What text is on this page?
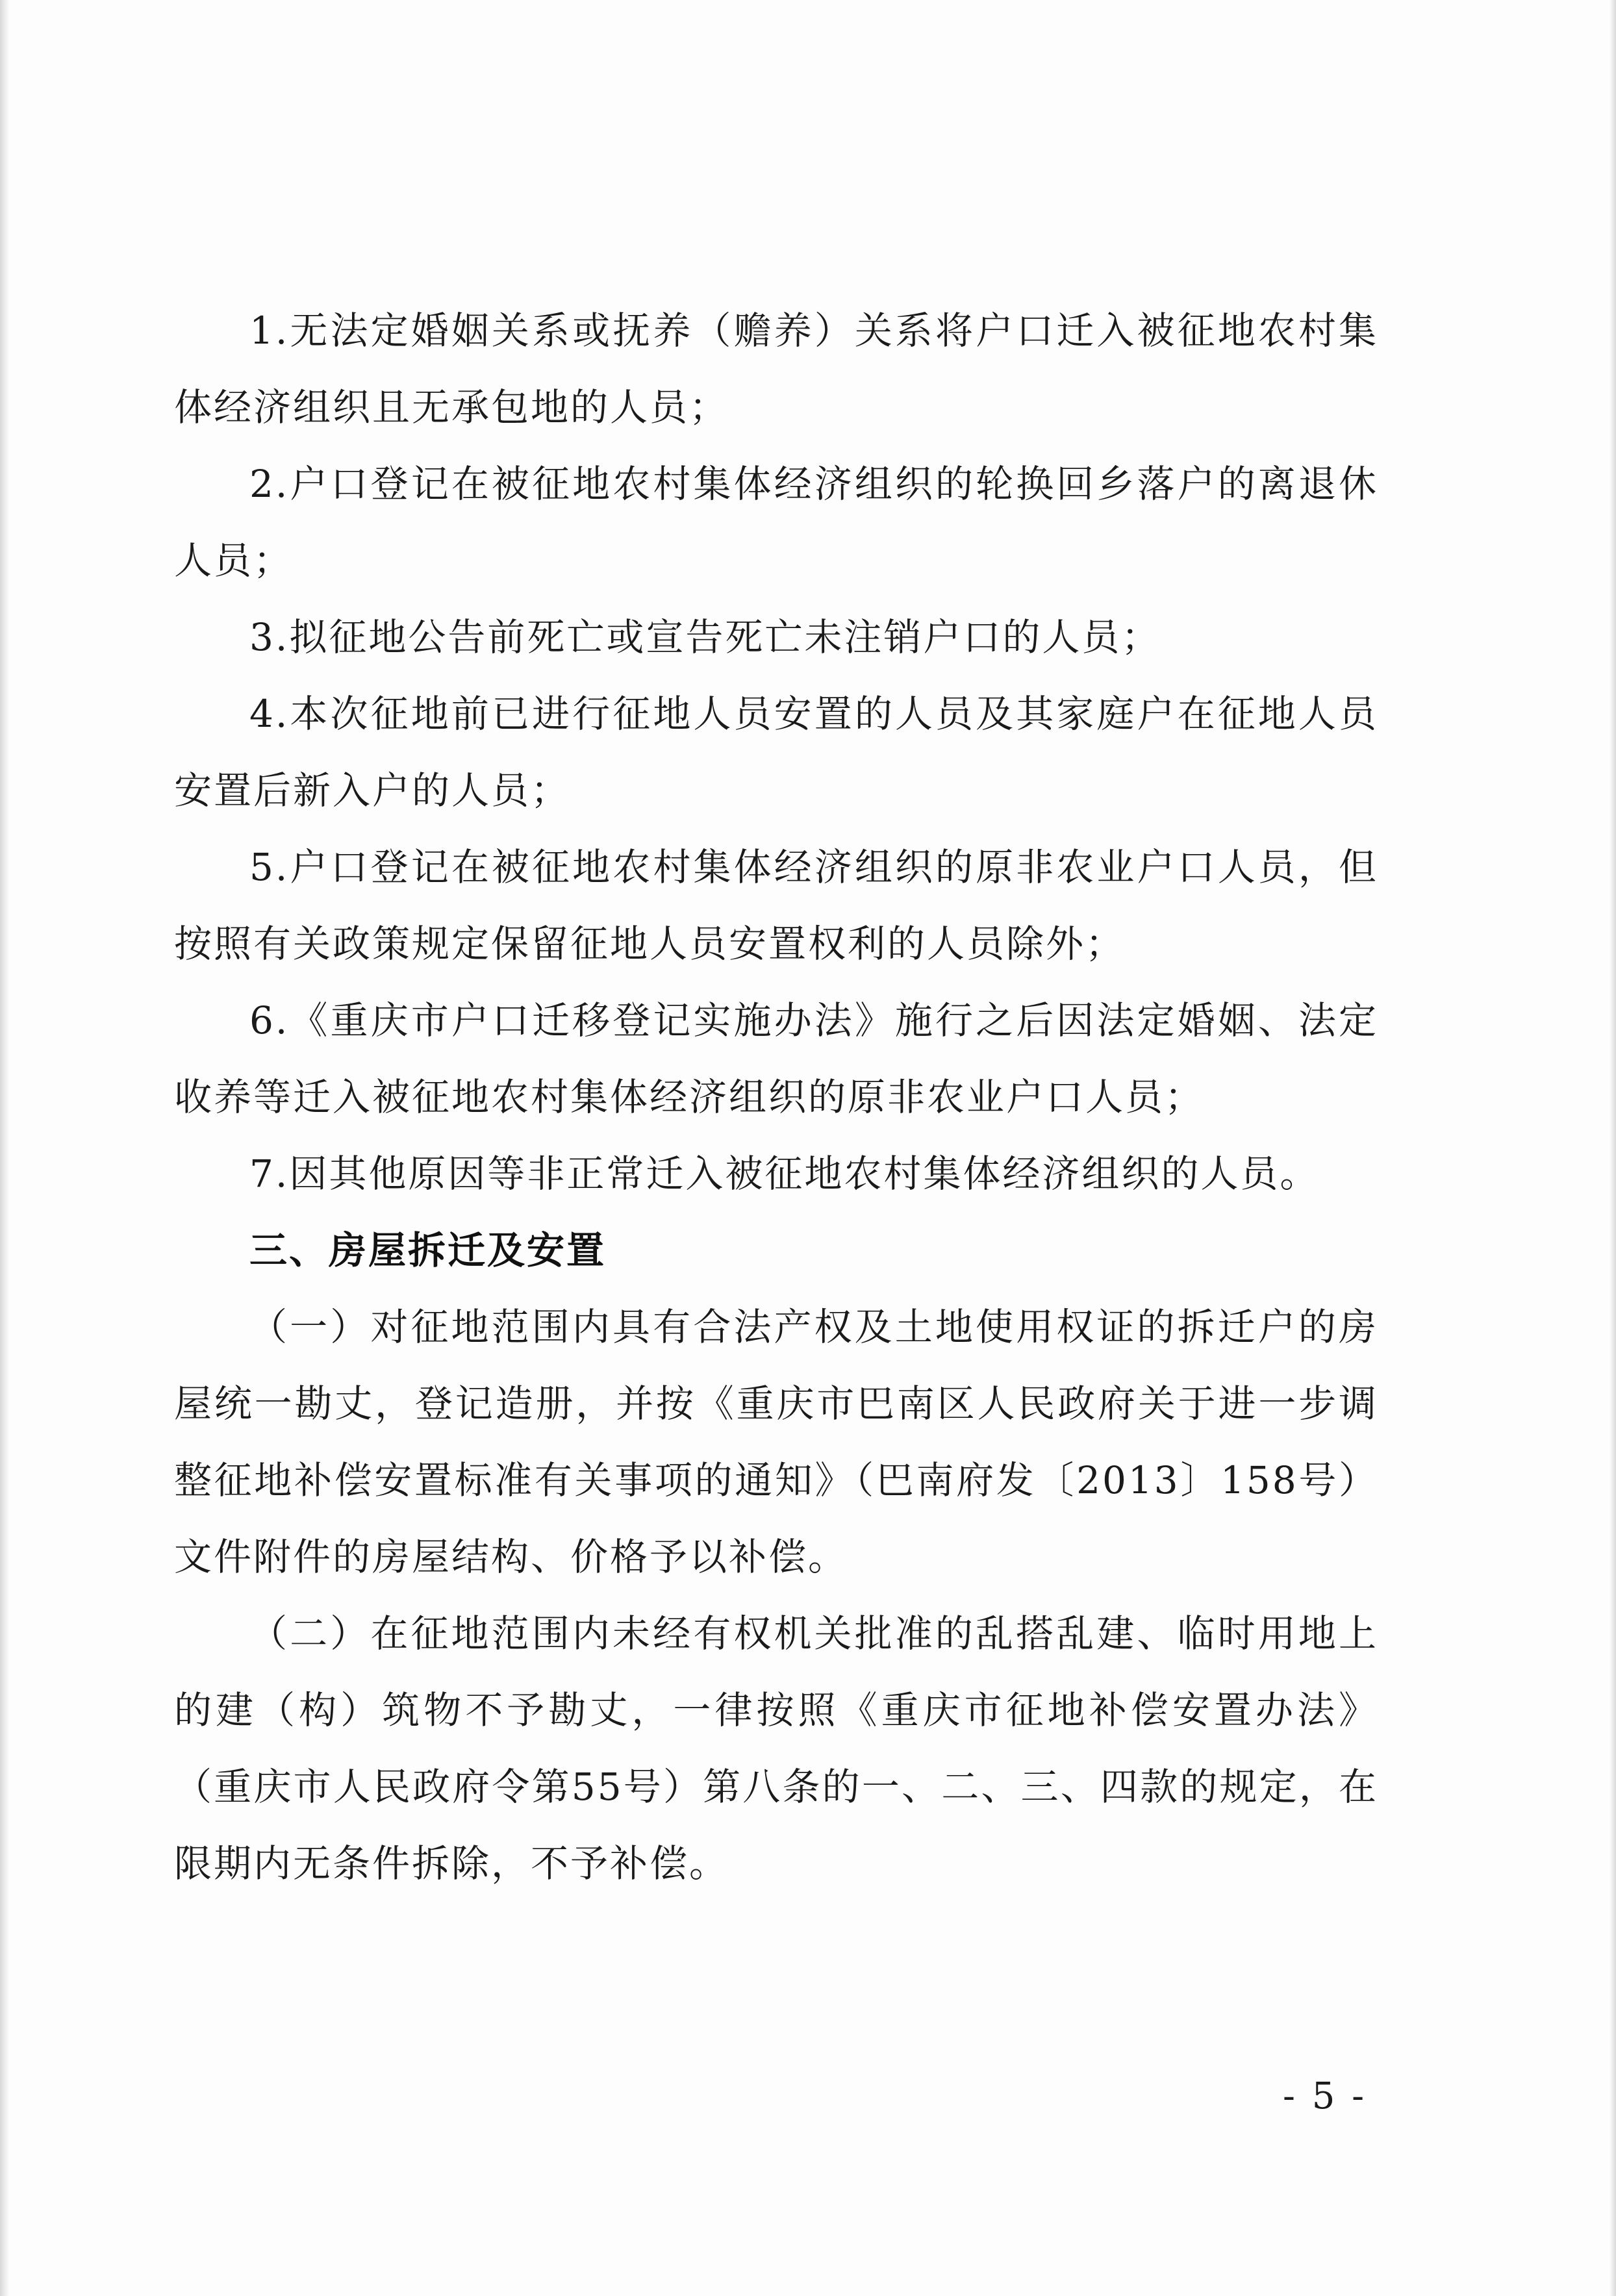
1.无法定婚姻关系或抚养（赡养）关系将户口迁入被征地农村集体经济组织且无承包地的人员；

2.户口登记在被征地农村集体经济组织的轮换回乡落户的离退休人员；

3.拟征地公告前死亡或宣告死亡未注销户口的人员；

4.本次征地前已进行征地人员安置的人员及其家庭户在征地人员安置后新入户的人员；

5.户口登记在被征地农村集体经济组织的原非农业户口人员，但按照有关政策规定保留征地人员安置权利的人员除外；

6.《重庆市户口迁移登记实施办法》施行之后因法定婚姻、法定收养等迁入被征地农村集体经济组织的原非农业户口人员；

7.因其他原因等非正常迁入被征地农村集体经济组织的人员。

三、房屋拆迁及安置

（一）对征地范围内具有合法产权及土地使用权证的拆迁户的房屋统一勘丈，登记造册，并按《重庆市巴南区人民政府关于进一步调整征地补偿安置标准有关事项的通知》（巴南府发〔2013〕158号）文件附件的房屋结构、价格予以补偿。

（二）在征地范围内未经有权机关批准的乱搭乱建、临时用地上的建（构）筑物不予勘丈，一律按照《重庆市征地补偿安置办法》（重庆市人民政府令第55号）第八条的一、二、三、四款的规定，在限期内无条件拆除，不予补偿。

- 5 -
